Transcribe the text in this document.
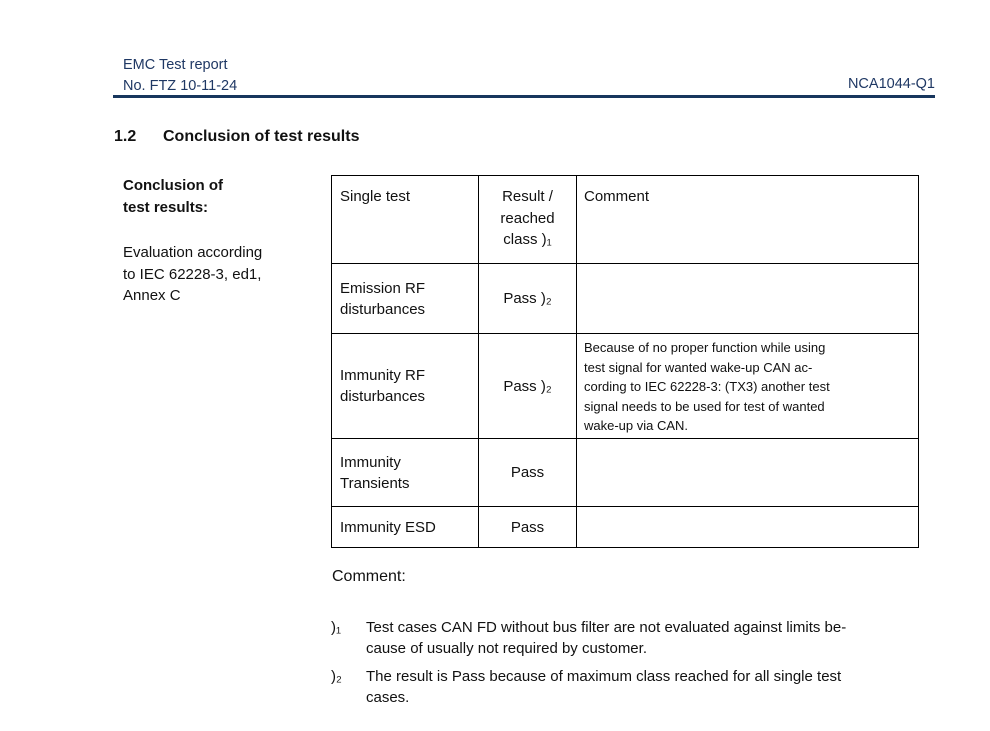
EMC Test report
No. FTZ 10-11-24	NCA1044-Q1
1.2 Conclusion of test results
Conclusion of
test results:
Evaluation according
to IEC 62228-3, ed1,
Annex C
Single test	Result /
reached
class )₁	Comment
Emission RF
disturbances	Pass )₂	
Immunity RF
disturbances	Pass )₂	Because of no proper function while using
test signal for wanted wake-up CAN ac-
cording to IEC 62228-3: (TX3) another test
signal needs to be used for test of wanted
wake-up via CAN.
Immunity
Transients	Pass	
Immunity ESD	Pass	
Comment:
)₁	Test cases CAN FD without bus filter are not evaluated against limits be-
cause of usually not required by customer.
)₂	The result is Pass because of maximum class reached for all single test
cases.
